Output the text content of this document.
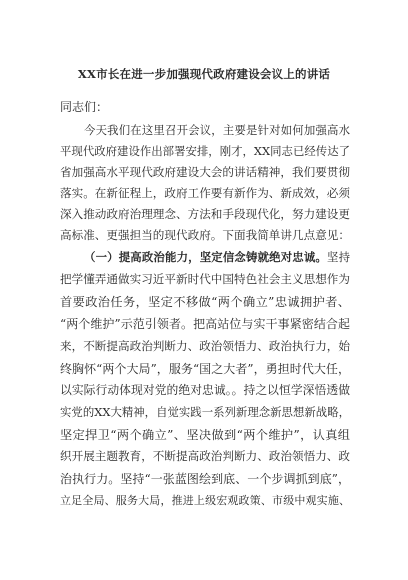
XX市长在进一步加强现代政府建设会议上的讲话
同志们：
今天我们在这里召开会议，主要是针对如何加强高水
平现代政府建设作出部署安排，刚才，XX同志已经传达了
省加强高水平现代政府建设大会的讲话精神，我们要贯彻
落实。在新征程上，政府工作要有新作为、新成效，必须
深入推动政府治理理念、方法和手段现代化，努力建设更
高标准、更强担当的现代政府。下面我简单讲几点意见：
（一）提高政治能力，坚定信念铸就绝对忠诚。坚持
把学懂弄通做实习近平新时代中国特色社会主义思想作为
首要政治任务，坚定不移做“两个确立”忠诚拥护者、
“两个维护”示范引领者。把高站位与实干事紧密结合起
来，不断提高政治判断力、政治领悟力、政治执行力，始
终胸怀“两个大局”，服务“国之大者”，勇担时代大任，
以实际行动体现对党的绝对忠诚。。持之以恒学深悟透做
实党的XX大精神，自觉实践一系列新理念新思想新战略，
坚定捍卫“两个确立”、坚决做到“两个维护”，认真组
织开展主题教育，不断提高政治判断力、政治领悟力、政
治执行力。坚持“一张蓝图绘到底、一个步调抓到底”，
立足全局、服务大局，推进上级宏观政策、市级中观实施、
